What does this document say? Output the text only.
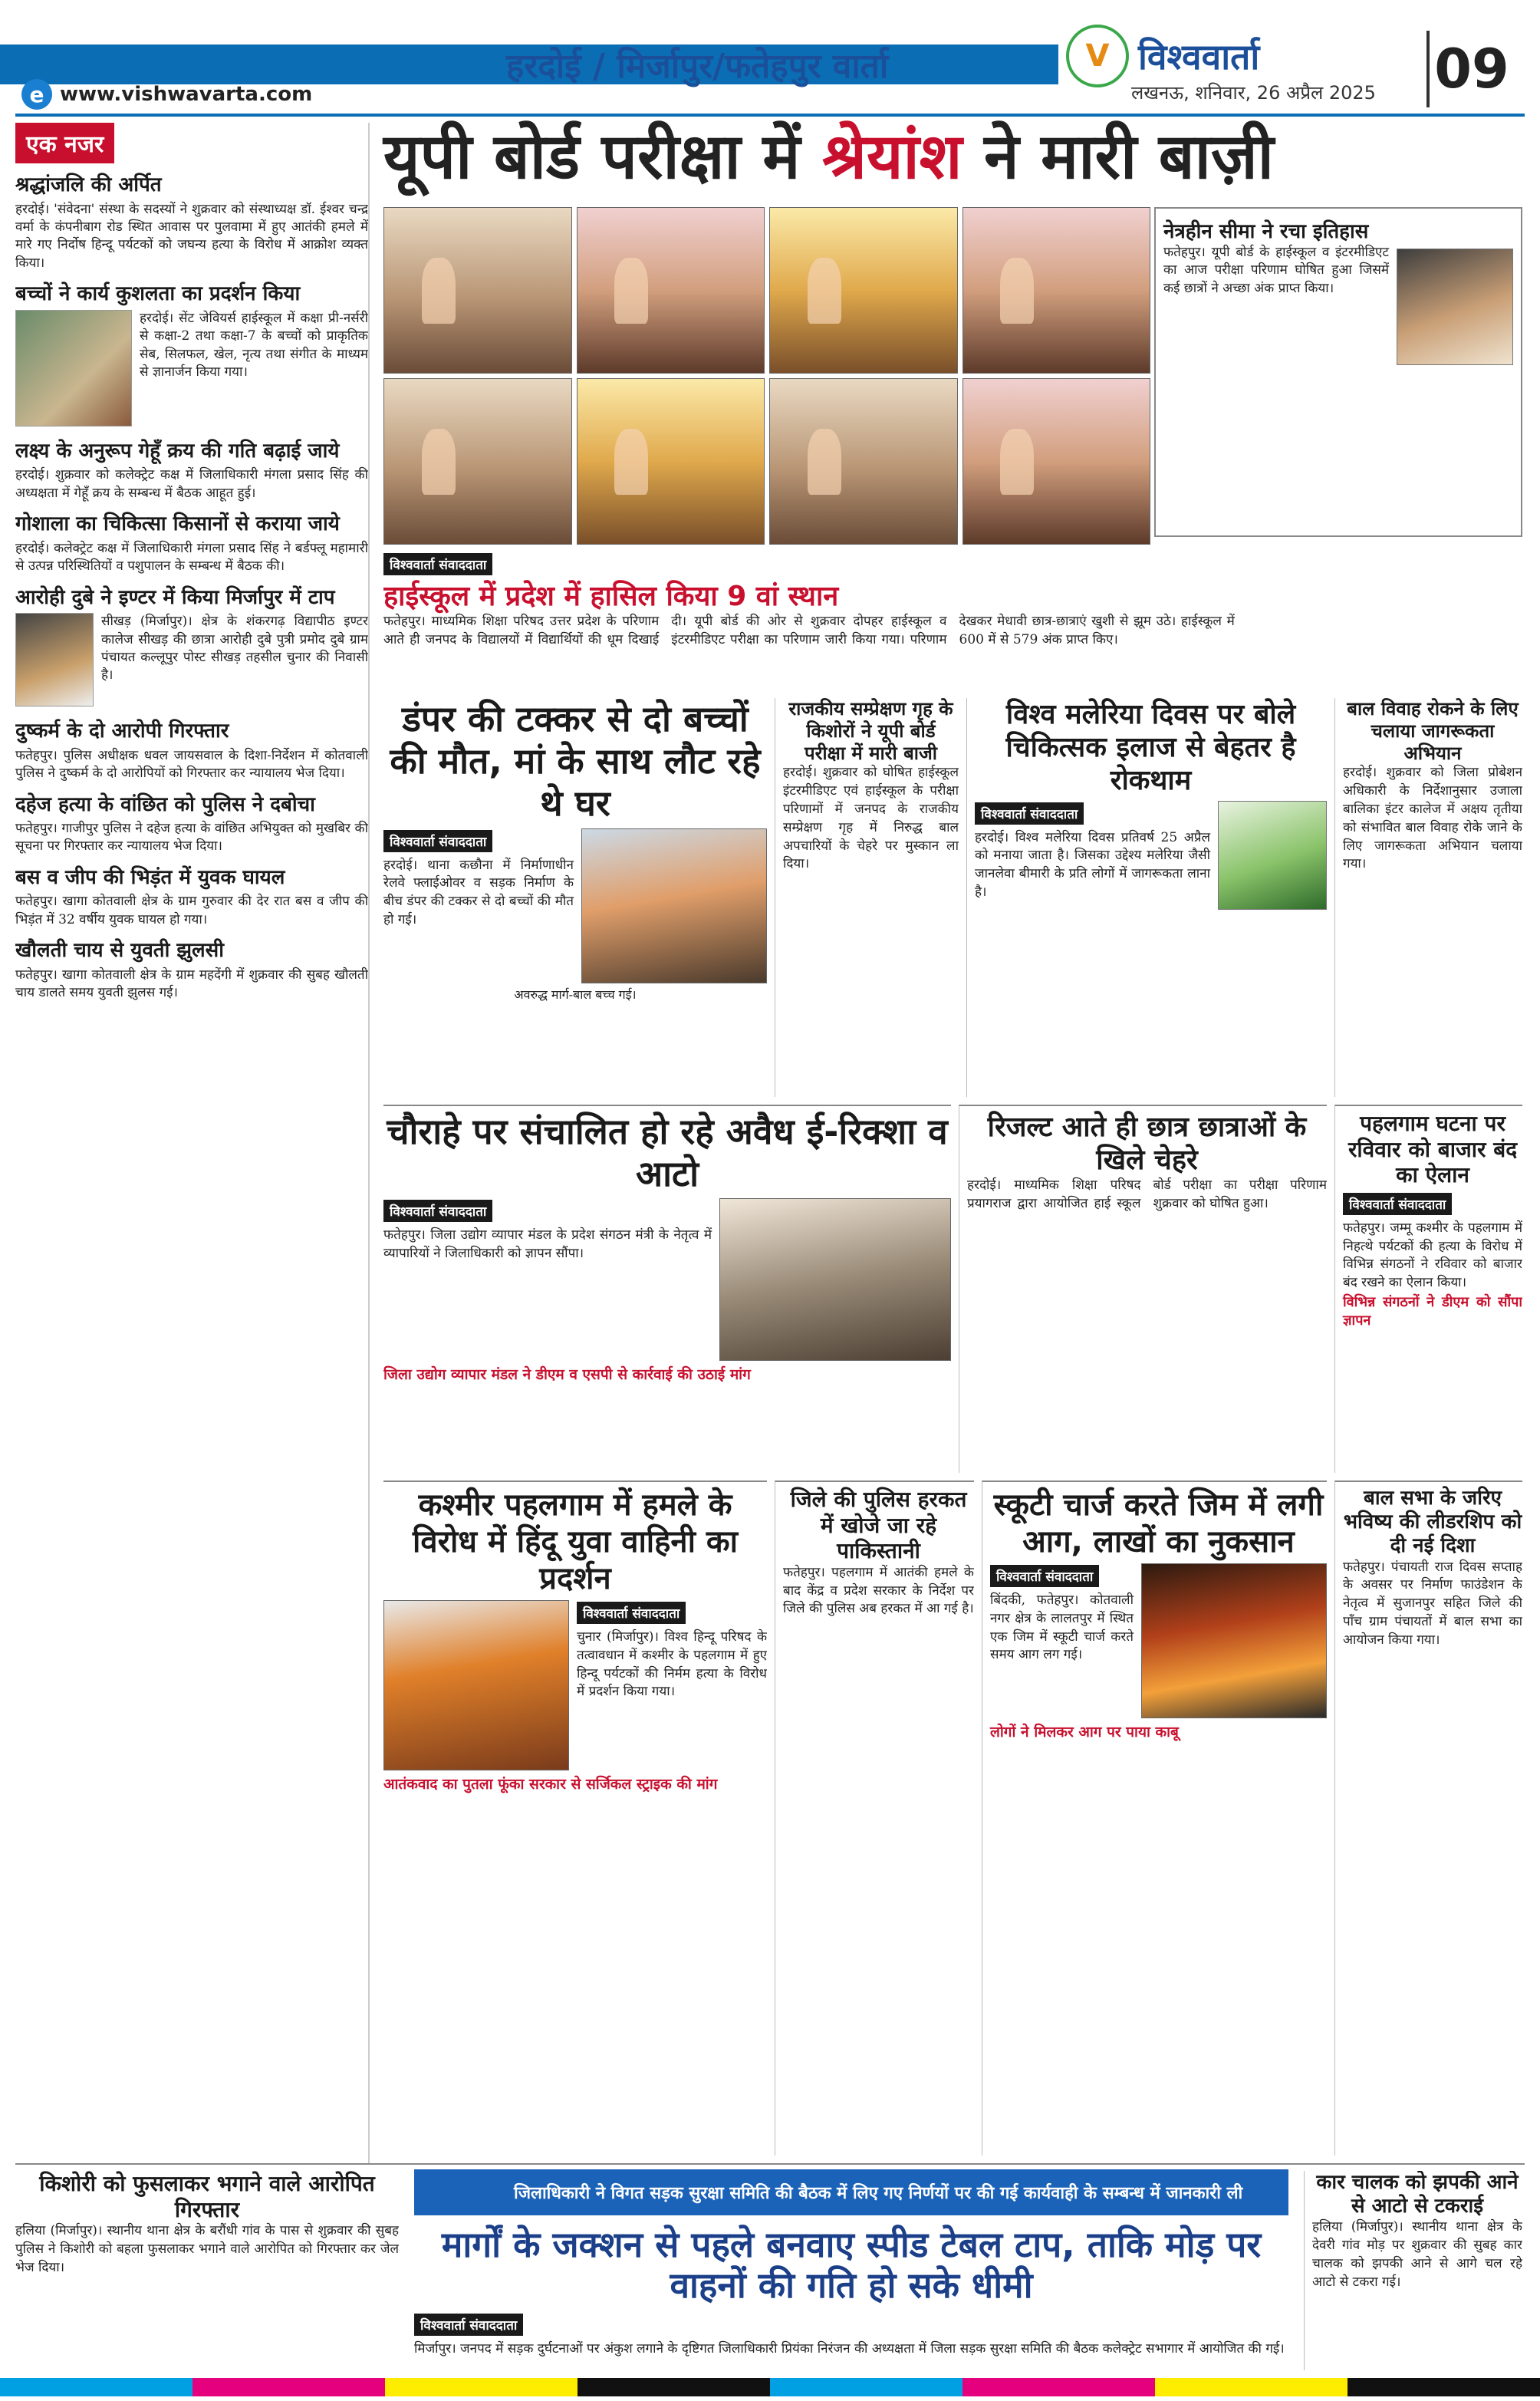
हरदोई / मिर्जापुर/फतेहपुर वार्ता
e www.vishwavarta.com
V विश्ववार्ता
लखनऊ, शनिवार, 26 अप्रैल 2025 09
एक नजर
श्रद्धांजलि की अर्पित
हरदोई। 'संवेदना' संस्था के सदस्यों ने शुक्रवार को संस्थाध्यक्ष डॉ. ईश्वर चन्द्र वर्मा के कंपनीबाग रोड स्थित आवास पर पुलवामा में हुए आतंकी हमले में मारे गए निर्दोष हिन्दू पर्यटकों को जघन्य हत्या के विरोध में आक्रोश व्यक्त किया।
बच्चों ने कार्य कुशलता का प्रदर्शन किया
हरदोई। सेंट जेवियर्स हाईस्कूल में कक्षा प्री-नर्सरी से कक्षा-2 तथा कक्षा-7 के बच्चों को प्राकृतिक सेब, सिलफल, खेल, नृत्य तथा संगीत के माध्यम से ज्ञानार्जन किया गया।
लक्ष्य के अनुरूप गेहूँ क्रय की गति बढ़ाई जाये
हरदोई। शुक्रवार को कलेक्ट्रेट कक्ष में जिलाधिकारी मंगला प्रसाद सिंह की अध्यक्षता में गेहूँ क्रय के सम्बन्ध में बैठक आहूत हुई।
गोशाला का चिकित्सा किसानों से कराया जाये
हरदोई। कलेक्ट्रेट कक्ष में जिलाधिकारी मंगला प्रसाद सिंह ने बर्डफ्लू महामारी से उत्पन्न परिस्थितियों व पशुपालन के सम्बन्ध में बैठक की।
आरोही दुबे ने इण्टर में किया मिर्जापुर में टाप
सीखड़ (मिर्जापुर)। क्षेत्र के शंकरगढ़ विद्यापीठ इण्टर कालेज सीखड़ की छात्रा आरोही दुबे पुत्री प्रमोद दुबे ग्राम पंचायत कल्लूपुर पोस्ट सीखड़ तहसील चुनार की निवासी है।
दुष्कर्म के दो आरोपी गिरफ्तार
फतेहपुर। पुलिस अधीक्षक धवल जायसवाल के दिशा-निर्देशन में कोतवाली पुलिस ने दुष्कर्म के दो आरोपियों को गिरफ्तार कर न्यायालय भेज दिया।
दहेज हत्या के वांछित को पुलिस ने दबोचा
फतेहपुर। गाजीपुर पुलिस ने दहेज हत्या के वांछित अभियुक्त को मुखबिर की सूचना पर गिरफ्तार कर न्यायालय भेज दिया।
बस व जीप की भिड़ंत में युवक घायल
फतेहपुर। खागा कोतवाली क्षेत्र के ग्राम गुरुवार की देर रात बस व जीप की भिड़ंत में 32 वर्षीय युवक घायल हो गया।
खौलती चाय से युवती झुलसी
फतेहपुर। खागा कोतवाली क्षेत्र के ग्राम महदेंगी में शुक्रवार की सुबह खौलती चाय डालते समय युवती झुलस गई।
यूपी बोर्ड परीक्षा में श्रेयांश ने मारी बाज़ी
नेत्रहीन सीमा ने रचा इतिहास
फतेहपुर। यूपी बोर्ड के हाईस्कूल व इंटरमीडिएट का आज परीक्षा परिणाम घोषित हुआ जिसमें कई छात्रों ने अच्छा अंक प्राप्त किया।
विश्ववार्ता संवाददाता
हाईस्कूल में प्रदेश में हासिल किया 9 वां स्थान
फतेहपुर। माध्यमिक शिक्षा परिषद उत्तर प्रदेश के परिणाम आते ही जनपद के विद्यालयों में विद्यार्थियों की धूम दिखाई दी। यूपी बोर्ड की ओर से शुक्रवार दोपहर हाईस्कूल व इंटरमीडिएट परीक्षा का परिणाम जारी किया गया। परिणाम देखकर मेधावी छात्र-छात्राएं खुशी से झूम उठे। हाईस्कूल में 600 में से 579 अंक प्राप्त किए।
डंपर की टक्कर से दो बच्चों की मौत, मां के साथ लौट रहे थे घर
विश्ववार्ता संवाददाता
हरदोई। थाना कछौना में निर्माणाधीन रेलवे फ्लाईओवर व सड़क निर्माण के बीच डंपर की टक्कर से दो बच्चों की मौत हो गई।
अवरुद्ध मार्ग-बाल बच्च गई।
राजकीय सम्प्रेक्षण गृह के किशोरों ने यूपी बोर्ड परीक्षा में मारी बाजी
हरदोई। शुक्रवार को घोषित हाईस्कूल इंटरमीडिएट एवं हाईस्कूल के परीक्षा परिणामों में जनपद के राजकीय सम्प्रेक्षण गृह में निरुद्ध बाल अपचारियों के चेहरे पर मुस्कान ला दिया।
विश्व मलेरिया दिवस पर बोले चिकित्सक इलाज से बेहतर है रोकथाम
विश्ववार्ता संवाददाता
हरदोई। विश्व मलेरिया दिवस प्रतिवर्ष 25 अप्रैल को मनाया जाता है। जिसका उद्देश्य मलेरिया जैसी जानलेवा बीमारी के प्रति लोगों में जागरूकता लाना है।
बाल विवाह रोकने के लिए चलाया जागरूकता अभियान
हरदोई। शुक्रवार को जिला प्रोबेशन अधिकारी के निर्देशानुसार उजाला बालिका इंटर कालेज में अक्षय तृतीया को संभावित बाल विवाह रोके जाने के लिए जागरूकता अभियान चलाया गया।
चौराहे पर संचालित हो रहे अवैध ई-रिक्शा व आटो
विश्ववार्ता संवाददाता
फतेहपुर। जिला उद्योग व्यापार मंडल के प्रदेश संगठन मंत्री के नेतृत्व में व्यापारियों ने जिलाधिकारी को ज्ञापन सौंपा।
जिला उद्योग व्यापार मंडल ने डीएम व एसपी से कार्रवाई की उठाई मांग
रिजल्ट आते ही छात्र छात्राओं के खिले चेहरे
हरदोई। माध्यमिक शिक्षा परिषद प्रयागराज द्वारा आयोजित हाई स्कूल बोर्ड परीक्षा का परीक्षा परिणाम शुक्रवार को घोषित हुआ।
पहलगाम घटना पर रविवार को बाजार बंद का ऐलान
विश्ववार्ता संवाददाता
फतेहपुर। जम्मू कश्मीर के पहलगाम में निहत्थे पर्यटकों की हत्या के विरोध में विभिन्न संगठनों ने रविवार को बाजार बंद रखने का ऐलान किया।
विभिन्न संगठनों ने डीएम को सौंपा ज्ञापन
कश्मीर पहलगाम में हमले के विरोध में हिंदू युवा वाहिनी का प्रदर्शन
विश्ववार्ता संवाददाता
चुनार (मिर्जापुर)। विश्व हिन्दू परिषद के तत्वावधान में कश्मीर के पहलगाम में हुए हिन्दू पर्यटकों की निर्मम हत्या के विरोध में प्रदर्शन किया गया।
आतंकवाद का पुतला फूंका सरकार से सर्जिकल स्ट्राइक की मांग
जिले की पुलिस हरकत में खोजे जा रहे पाकिस्तानी
फतेहपुर। पहलगाम में आतंकी हमले के बाद केंद्र व प्रदेश सरकार के निर्देश पर जिले की पुलिस अब हरकत में आ गई है।
स्कूटी चार्ज करते जिम में लगी आग, लाखों का नुकसान
विश्ववार्ता संवाददाता
बिंदकी, फतेहपुर। कोतवाली नगर क्षेत्र के लालतपुर में स्थित एक जिम में स्कूटी चार्ज करते समय आग लग गई।
लोगों ने मिलकर आग पर पाया काबू
बाल सभा के जरिए भविष्य की लीडरशिप को दी नई दिशा
फतेहपुर। पंचायती राज दिवस सप्ताह के अवसर पर निर्माण फाउंडेशन के नेतृत्व में सुजानपुर सहित जिले की पाँच ग्राम पंचायतों में बाल सभा का आयोजन किया गया।
किशोरी को फुसलाकर भगाने वाले आरोपित गिरफ्तार
हलिया (मिर्जापुर)। स्थानीय थाना क्षेत्र के बरौंधी गांव के पास से शुक्रवार की सुबह पुलिस ने किशोरी को बहला फुसलाकर भगाने वाले आरोपित को गिरफ्तार कर जेल भेज दिया।
जिलाधिकारी ने विगत सड़क सुरक्षा समिति की बैठक में लिए गए निर्णयों पर की गई कार्यवाही के सम्बन्ध में जानकारी ली
मार्गों के जक्शन से पहले बनवाए स्पीड टेबल टाप, ताकि मोड़ पर वाहनों की गति हो सके धीमी
विश्ववार्ता संवाददाता
मिर्जापुर। जनपद में सड़क दुर्घटनाओं पर अंकुश लगाने के दृष्टिगत जिलाधिकारी प्रियंका निरंजन की अध्यक्षता में जिला सड़क सुरक्षा समिति की बैठक कलेक्ट्रेट सभागार में आयोजित की गई।
कार चालक को झपकी आने से आटो से टकराई
हलिया (मिर्जापुर)। स्थानीय थाना क्षेत्र के देवरी गांव मोड़ पर शुक्रवार की सुबह कार चालक को झपकी आने से आगे चल रहे आटो से टकरा गई।
